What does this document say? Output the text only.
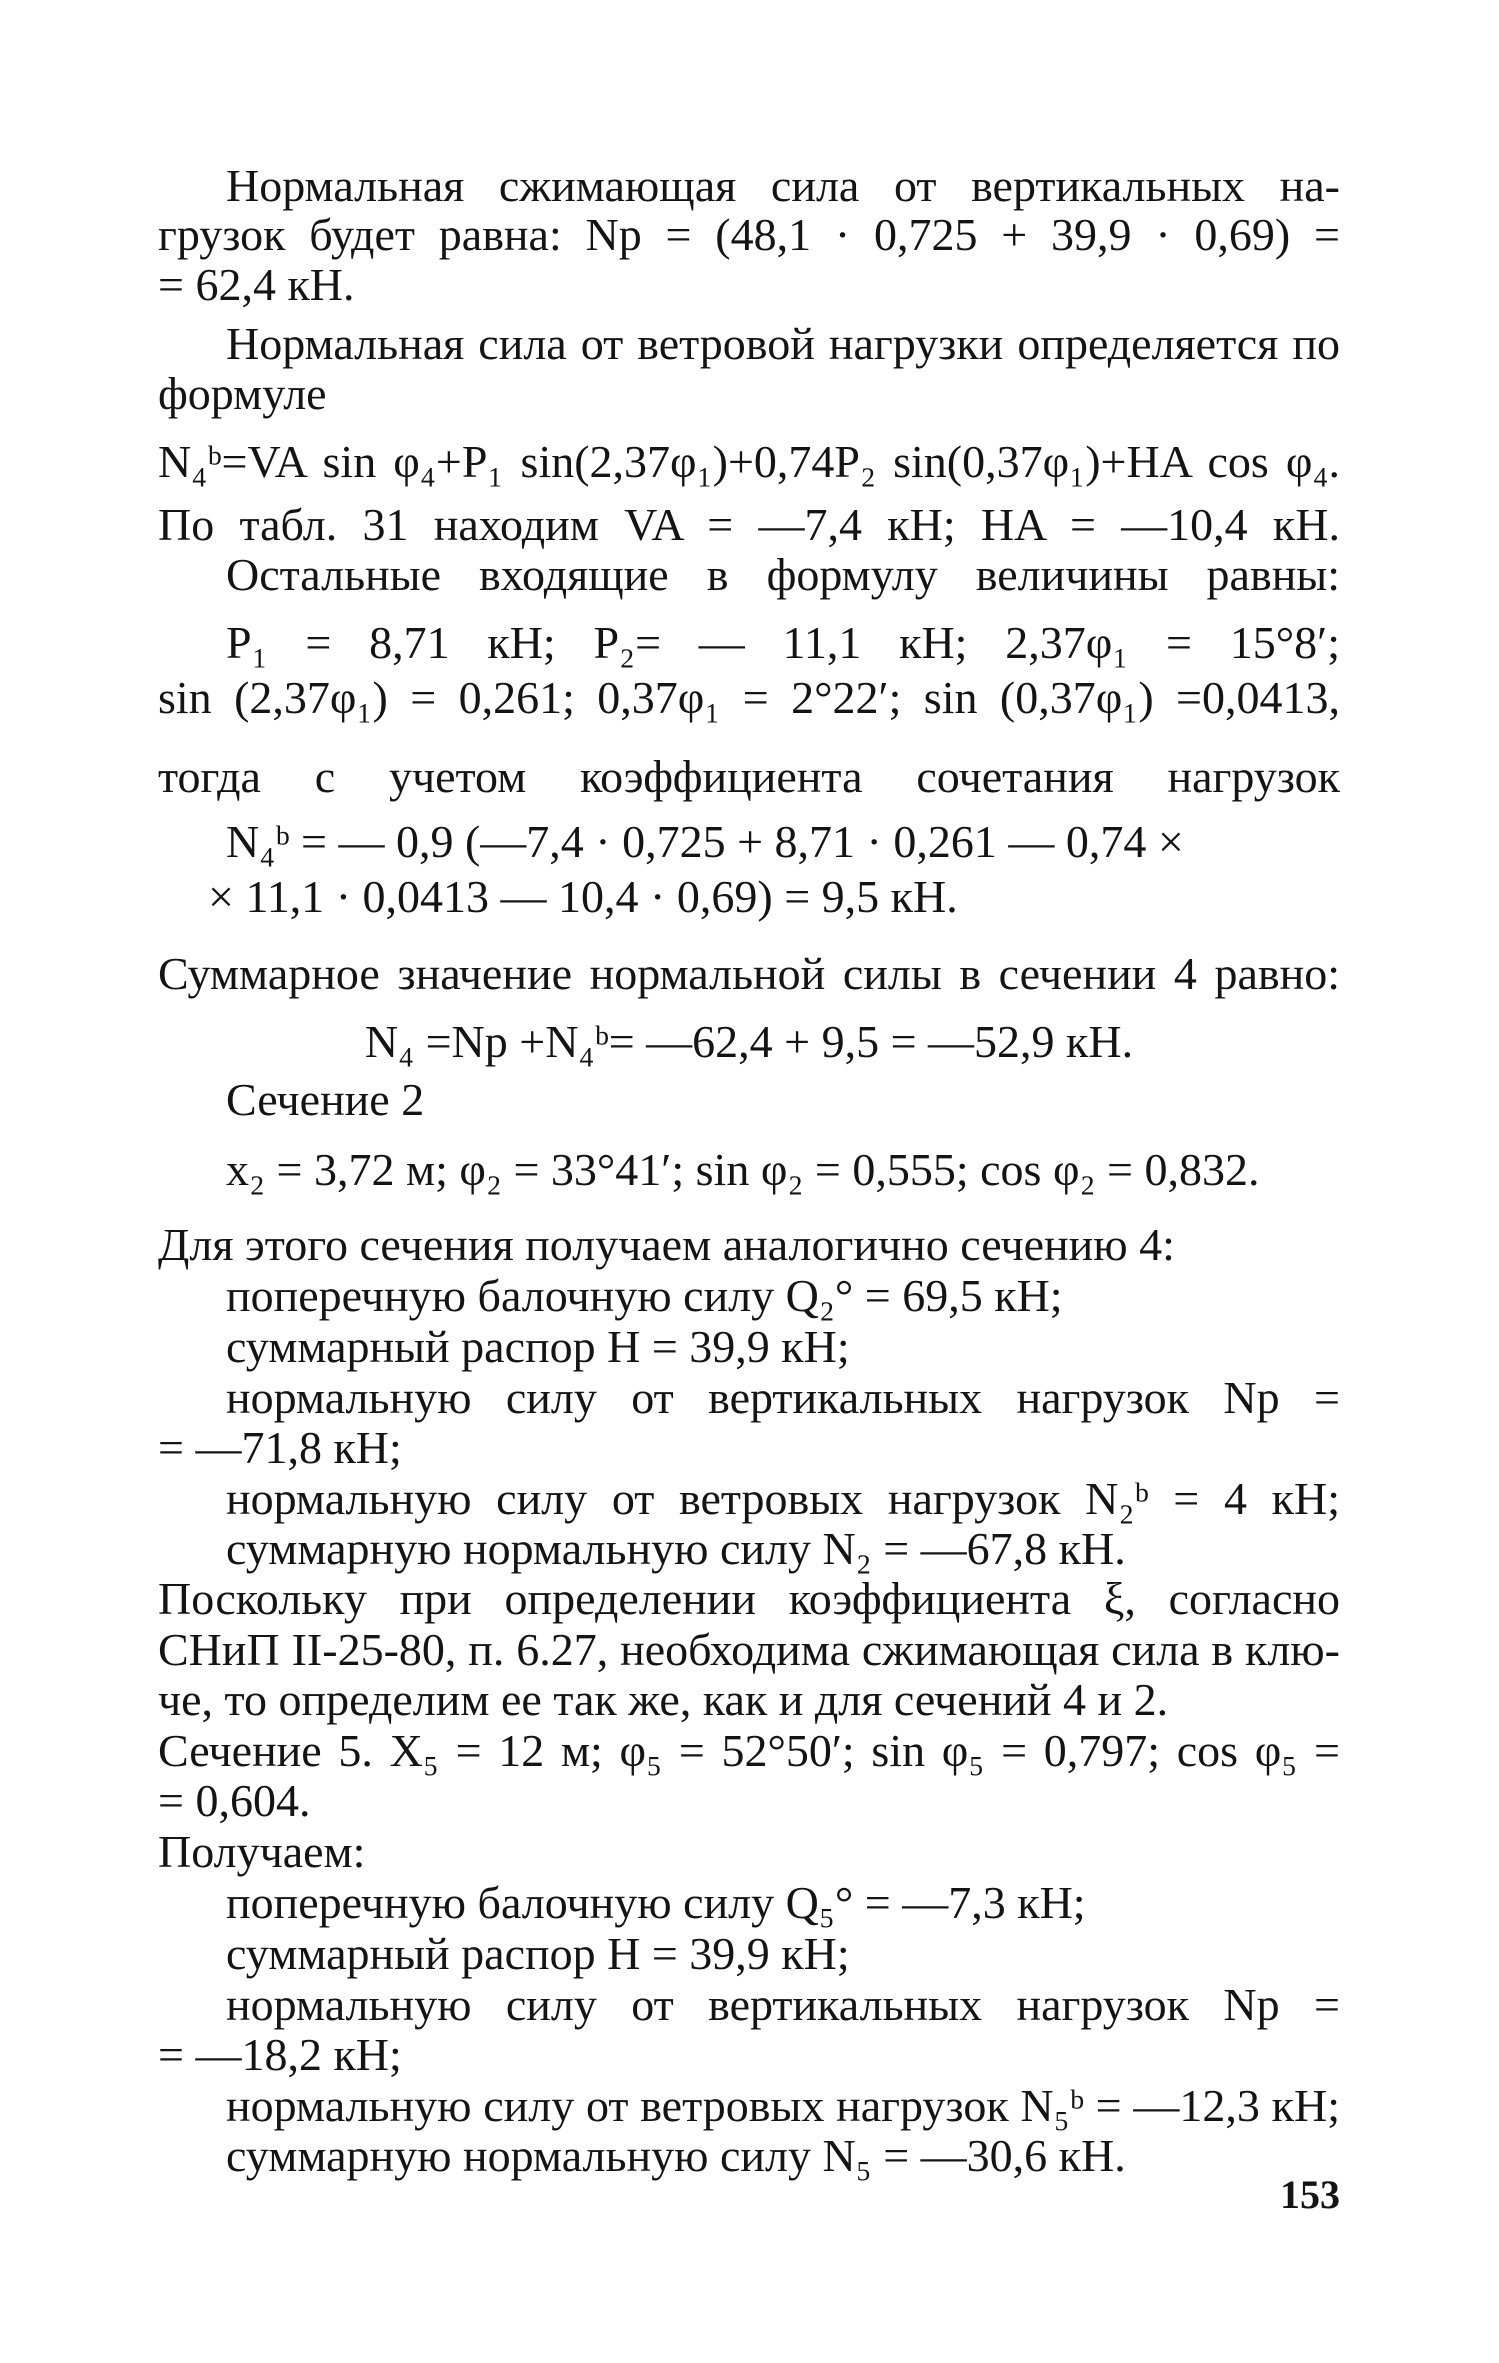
Нормальная сжимающая сила от вертикальных на-
грузок будет равна: Nр = (48,1 · 0,725 + 39,9 · 0,69) =
= 62,4 кН.
Нормальная сила от ветровой нагрузки определяется по
формуле
N₄ᵇ=VA sin φ₄+P₁ sin(2,37φ₁)+0,74P₂ sin(0,37φ₁)+HA cos φ₄.
По табл. 31 находим VA = —7,4 кН; HA = —10,4 кН.
Остальные входящие в формулу величины равны:
P₁ = 8,71 кН; P₂= — 11,1 кН; 2,37φ₁ = 15°8′;
sin (2,37φ₁) = 0,261; 0,37φ₁ = 2°22′; sin (0,37φ₁) =0,0413,
тогда с учетом коэффициента сочетания нагрузок
N₄ᵇ = — 0,9 (—7,4 · 0,725 + 8,71 · 0,261 — 0,74 ×
× 11,1 · 0,0413 — 10,4 · 0,69) = 9,5 кН.
Суммарное значение нормальной силы в сечении 4 равно:
N₄ =Nр +N₄ᵇ= —62,4 + 9,5 = —52,9 кН.
Сечение 2
x₂ = 3,72 м; φ₂ = 33°41′; sin φ₂ = 0,555; cos φ₂ = 0,832.
Для этого сечения получаем аналогично сечению 4:
поперечную балочную силу Q₂° = 69,5 кН;
суммарный распор H = 39,9 кН;
нормальную силу от вертикальных нагрузок Nр =
= —71,8 кН;
нормальную силу от ветровых нагрузок N₂ᵇ = 4 кН;
суммарную нормальную силу N₂ = —67,8 кН.
Поскольку при определении коэффициента ξ, согласно
СНиП II-25-80, п. 6.27, необходима сжимающая сила в клю-
че, то определим ее так же, как и для сечений 4 и 2.
Сечение 5. X₅ = 12 м; φ₅ = 52°50′; sin φ₅ = 0,797; cos φ₅ =
= 0,604.
Получаем:
поперечную балочную силу Q₅° = —7,3 кН;
суммарный распор H = 39,9 кН;
нормальную силу от вертикальных нагрузок Nр =
= —18,2 кН;
нормальную силу от ветровых нагрузок N₅ᵇ = —12,3 кН;
суммарную нормальную силу N₅ = —30,6 кН.
153
